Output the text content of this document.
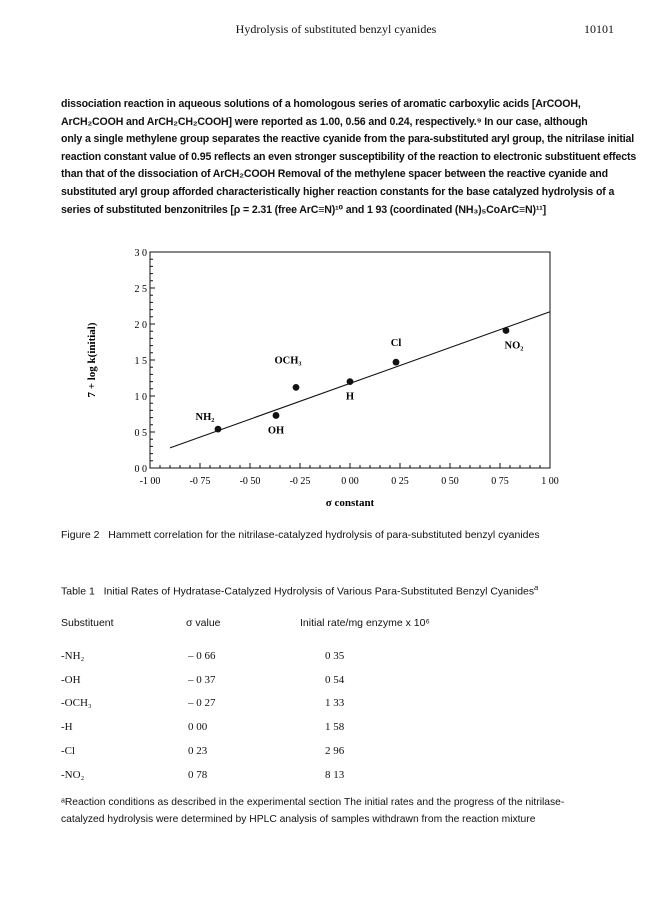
Hydrolysis of substituted benzyl cyanides	10101
dissociation reaction in aqueous solutions of a homologous series of aromatic carboxylic acids [ArCOOH,
ArCH₂COOH and ArCH₂CH₂COOH] were reported as 1.00, 0.56 and 0.24, respectively.⁹ In our case, although
only a single methylene group separates the reactive cyanide from the para-substituted aryl group, the nitrilase initial
reaction constant value of 0.95 reflects an even stronger susceptibility of the reaction to electronic substituent effects
than that of the dissociation of ArCH₂COOH Removal of the methylene spacer between the reactive cyanide and
substituted aryl group afforded characteristically higher reaction constants for the base catalyzed hydrolysis of a
series of substituted benzonitriles [ρ = 2.31 (free ArC≡N)¹⁰ and 1 93 (coordinated (NH₃)₅CoArC≡N)¹¹]
-1 00	-0 75	-0 50	-0 25	0 00	0 25	0 50	0 75	1 00
0 0
0 5
1 0
1 5
2 0
2 5
3 0
NH₂
OH
OCH₃
H
Cl	NO₂
σ constant
7 + log k(initial)
Figure 2 Hammett correlation for the nitrilase-catalyzed hydrolysis of para-substituted benzyl cyanides
Table 1 Initial Rates of Hydratase-Catalyzed Hydrolysis of Various Para-Substituted Benzyl Cyanides$^a$
Substituent	σ value	Initial rate/mg enzyme x 10⁶
-NH₂	– 0 66	0 35
-OH	– 0 37	0 54
-OCH₃	– 0 27	1 33
-H	0 00	1 58
-Cl	0 23	2 96
-NO₂	0 78	8 13
ᵃReaction conditions as described in the experimental section The initial rates and the progress of the nitrilase-
catalyzed hydrolysis were determined by HPLC analysis of samples withdrawn from the reaction mixture
